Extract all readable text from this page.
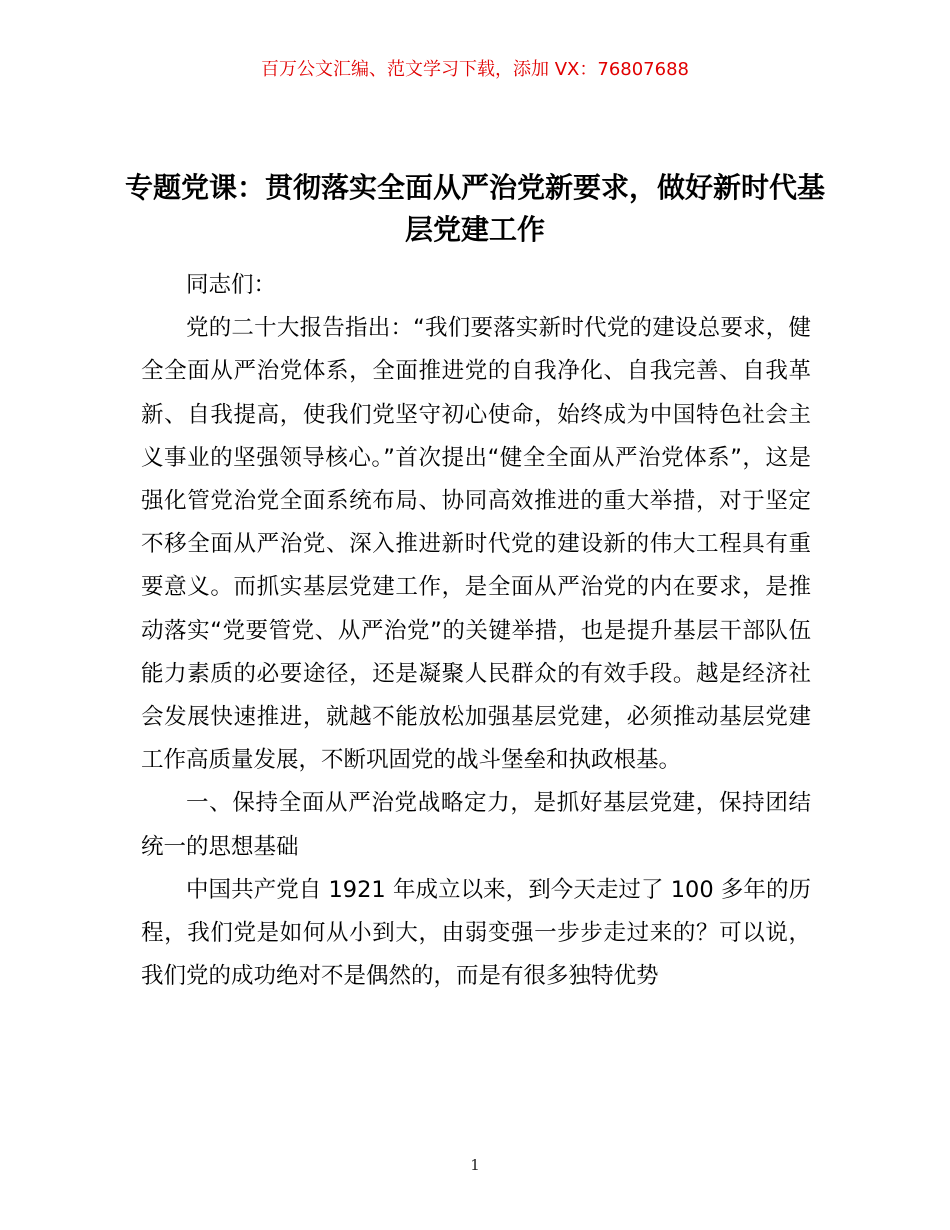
百万公文汇编、范文学习下载，添加 VX：76807688
专题党课：贯彻落实全面从严治党新要求，做好新时代基层党建工作

同志们：

党的二十大报告指出：“我们要落实新时代党的建设总要求，健全全面从严治党体系，全面推进党的自我净化、自我完善、自我革新、自我提高，使我们党坚守初心使命，始终成为中国特色社会主义事业的坚强领导核心。”首次提出“健全全面从严治党体系”，这是强化管党治党全面系统布局、协同高效推进的重大举措，对于坚定不移全面从严治党、深入推进新时代党的建设新的伟大工程具有重要意义。而抓实基层党建工作，是全面从严治党的内在要求，是推动落实“党要管党、从严治党”的关键举措，也是提升基层干部队伍能力素质的必要途径，还是凝聚人民群众的有效手段。越是经济社会发展快速推进，就越不能放松加强基层党建，必须推动基层党建工作高质量发展，不断巩固党的战斗堡垒和执政根基。

一、保持全面从严治党战略定力，是抓好基层党建，保持团结统一的思想基础

中国共产党自 1921 年成立以来，到今天走过了 100 多年的历程，我们党是如何从小到大，由弱变强一步步走过来的？可以说，我们党的成功绝对不是偶然的，而是有很多独特优势

1
